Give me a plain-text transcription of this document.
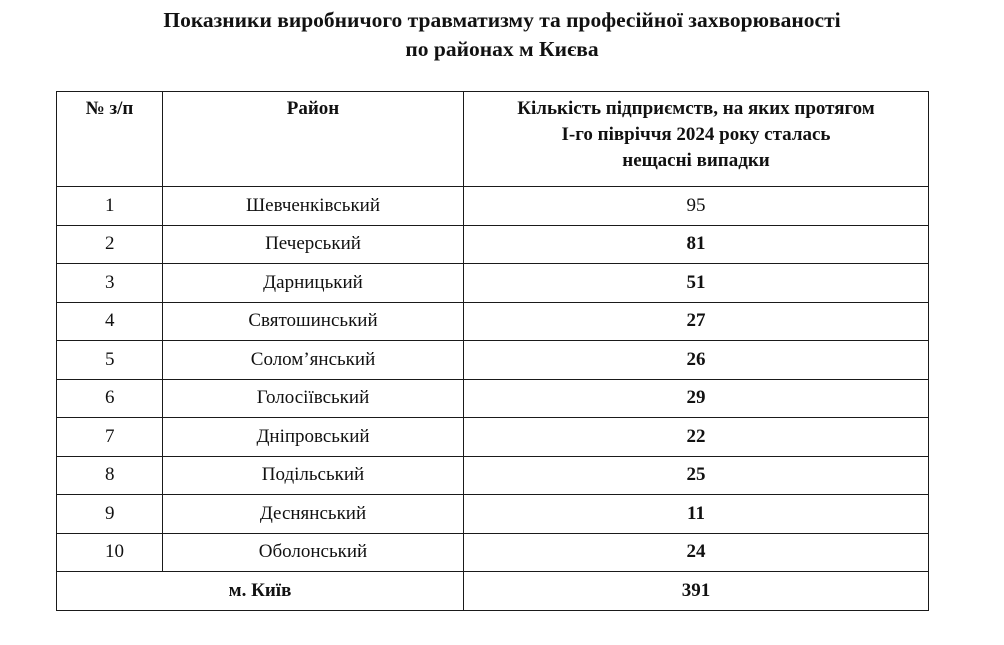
Показники виробничого травматизму та професійної захворюваності
по районах м Києва
№ з/п	Район	Кількість підприємств, на яких протягом
І-го півріччя 2024 року сталась
нещасні випадки

1	Шевченківський	95
2	Печерський	81
3	Дарницький	51
4	Святошинський	27
5	Солом’янський	26
6	Голосіївський	29
7	Дніпровський	22
8	Подільський	25
9	Деснянський	11
10	Оболонський	24
м. Київ		391
